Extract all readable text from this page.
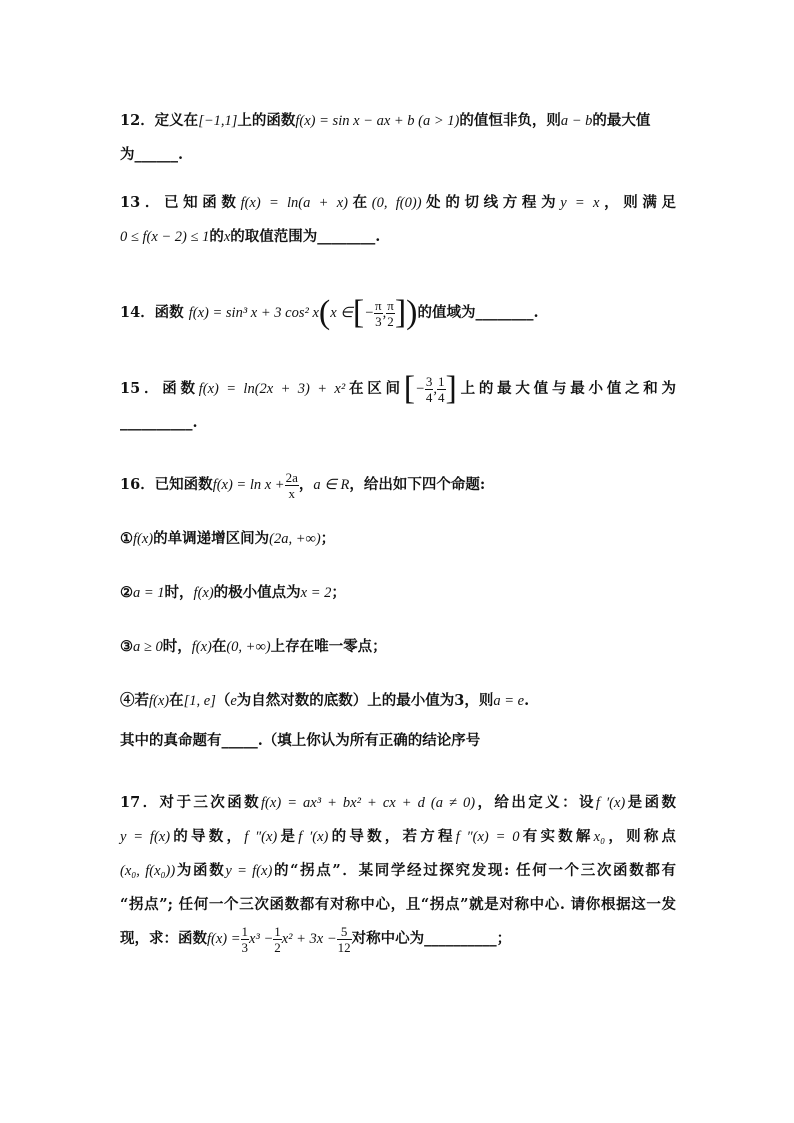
12．定义在[−1,1]上的函数f(x) = sin x − ax + b (a > 1)的值恒非负，则a − b的最大值
为______.
13．已知函数f(x) = ln(a + x)在(0, f(0))处的切线方程为y = x，则满足
0 ≤ f(x − 2) ≤ 1的x的取值范围为________.
14．函数 f(x) = sin³ x + 3 cos² x(x ∈[− $\frac{\pi}{3}$ , $\frac{\pi}{2}$ ])的值域为________.
15．函数f(x) = ln(2x + 3) + x²在区间[− $\frac{3}{4}$ , $\frac{1}{4}$ ]上的最大值与最小值之和为
__________.
16．已知函数$f(x) = \ln x + \frac{2a}{x}$ ，a ∈ R，给出如下四个命题:
①f(x)的单调递增区间为(2a, +∞)；
②a = 1时，f(x)的极小值点为x = 2；
③a ≥ 0时，f(x)在(0, +∞)上存在唯一零点；
④若f(x)在[1, e]（e为自然对数的底数）上的最小值为3，则a = e.
其中的真命题有_____.（填上你认为所有正确的结论序号
17．对于三次函数f(x) = ax³ + bx² + cx + d (a ≠ 0)，给出定义：设f ′(x)是函数
y = f(x)的导数，f ″(x)是f ′(x)的导数，若方程f ″(x) = 0有实数解x₀，则称点
(x₀, f(x₀))为函数y = f(x)的“拐点”．某同学经过探究发现: 任何一个三次函数都有
“拐点”; 任何一个三次函数都有对称中心，且“拐点”就是对称中心. 请你根据这一发
现，求：函数$f(x) = \frac{1}{3} x^3 - \frac{1}{2} x^2 + 3x - \frac{5}{12}$ 对称中心为__________；
